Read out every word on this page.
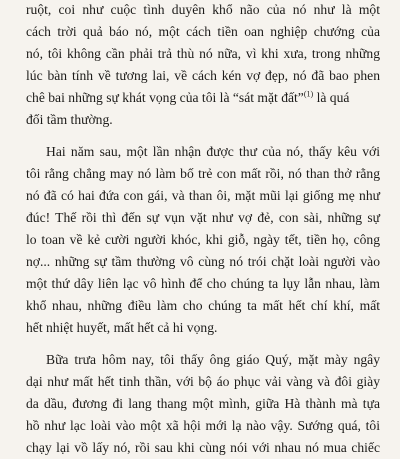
ruột, coi như cuộc tình duyên khổ não của nó như là một
cách trời quả báo nó, một cách tiền oan nghiệp chướng của
nó, tôi không cần phải trả thù nó nữa, vì khi xưa, trong những
lúc bàn tính về tương lai, về cách kén vợ đẹp, nó đã bao phen
chê bai những sự khát vọng của tôi là “sát mặt đất”$^{(1)}$ là quá
đối tầm thường.
Hai năm sau, một lần nhận được thư của nó, thấy kêu với
tôi rằng chẳng may nó làm bố trẻ con mất rồi, nó than thở rằng
nó đã có hai đứa con gái, và than ôi, mặt mũi lại giống mẹ như
đúc! Thế rồi thì đến sự vụn vặt như vợ đẻ, con sài, những sự
lo toan về kẻ cười người khóc, khi giỗ, ngày tết, tiền họ, công
nợ... những sự tầm thường vô cùng nó trói chặt loài người vào
một thứ dây liên lạc vô hình để cho chúng ta lụy lẫn nhau, làm
khổ nhau, những điều làm cho chúng ta mất hết chí khí, mất
hết nhiệt huyết, mất hết cả hi vọng.
Bữa trưa hôm nay, tôi thấy ông giáo Quý, mặt mày ngây
dại như mất hết tinh thần, với bộ áo phục vải vàng và đôi giày
da dầu, đương đi lang thang một mình, giữa Hà thành mà tựa
hồ như lạc loài vào một xã hội mới lạ nào vậy. Sướng quá, tôi
chạy lại vồ lấy nó, rồi sau khi cùng nói với nhau nó mua chiếc
